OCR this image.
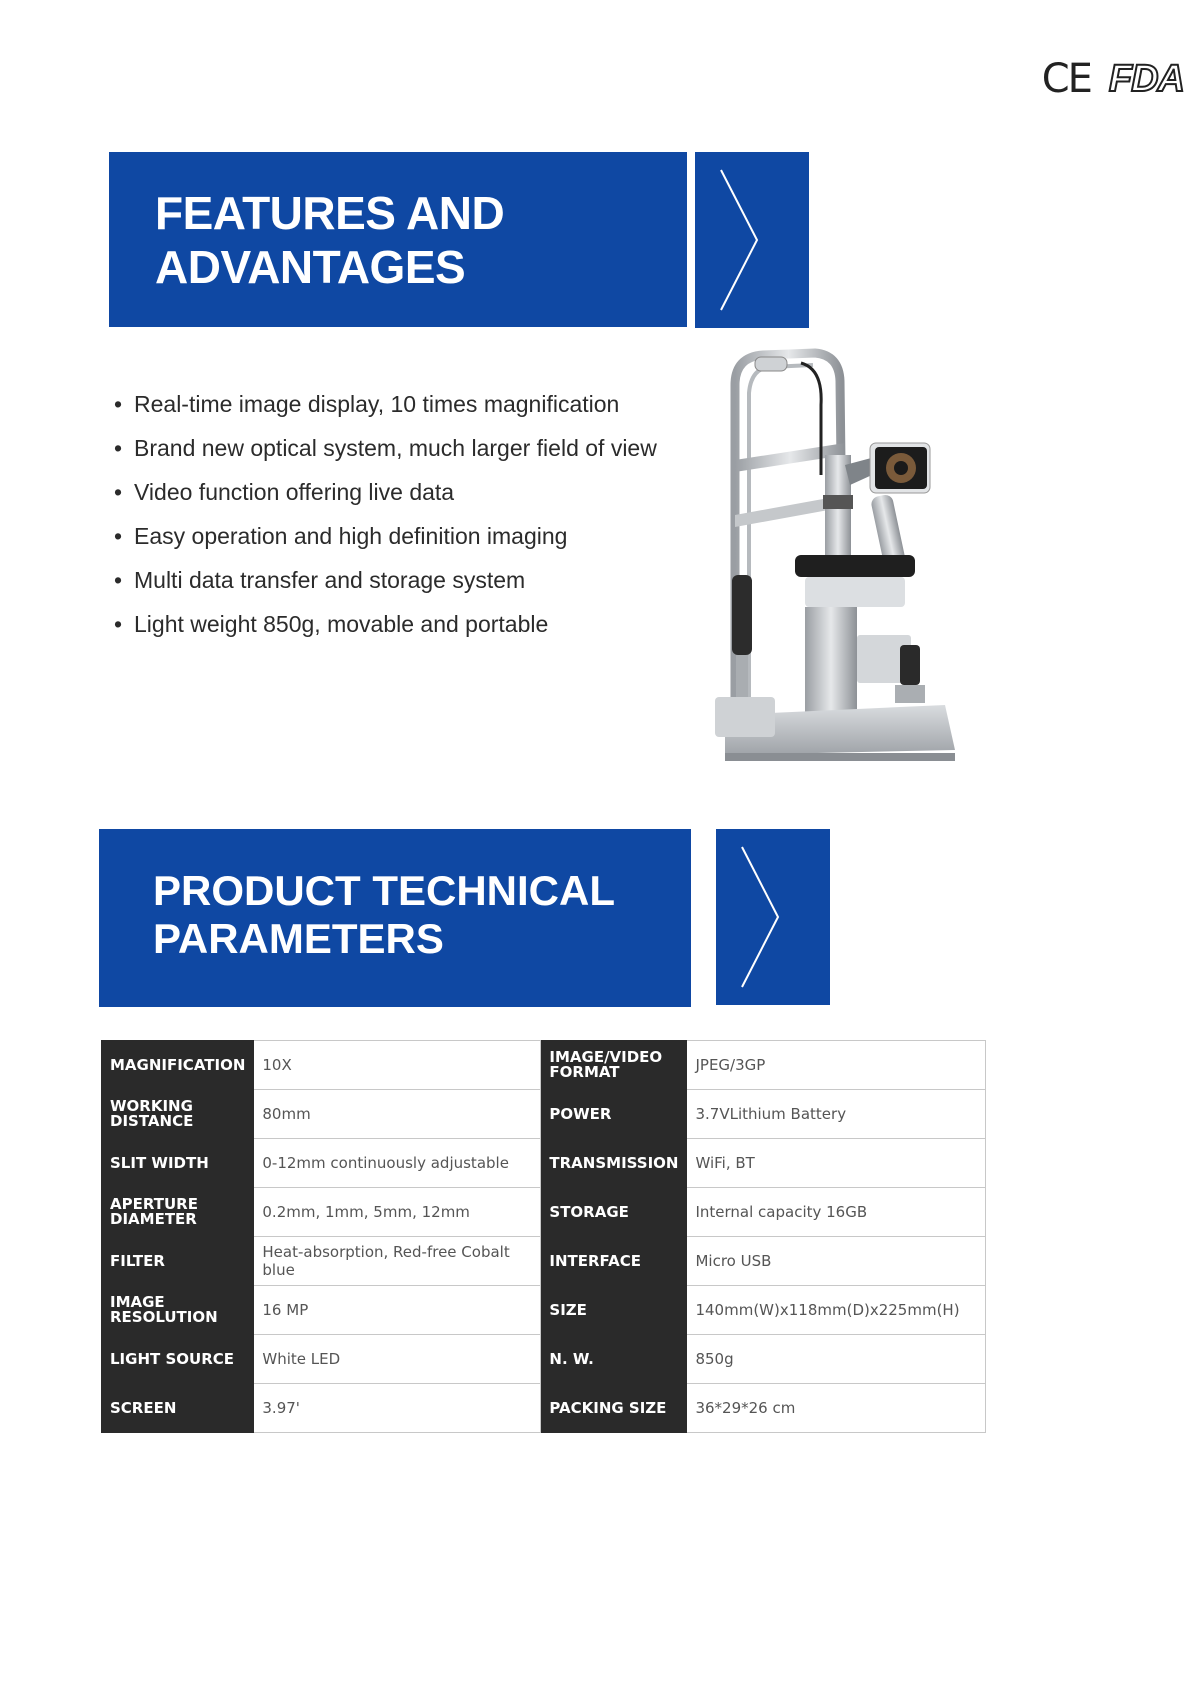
CE FDA
FEATURES AND
ADVANTAGES
• Real-time image display, 10 times magnification
• Brand new optical system, much larger field of view
• Video function offering live data
• Easy operation and high definition imaging
• Multi data transfer and storage system
• Light weight 850g, movable and portable
PRODUCT TECHNICAL
PARAMETERS
MAGNIFICATION	10X	IMAGE/VIDEO FORMAT	JPEG/3GP
WORKING DISTANCE	80mm	POWER	3.7VLithium Battery
SLIT WIDTH	0-12mm continuously adjustable	TRANSMISSION	WiFi, BT
APERTURE DIAMETER	0.2mm, 1mm, 5mm, 12mm	STORAGE	Internal capacity 16GB
FILTER	Heat-absorption, Red-free Cobalt blue	INTERFACE	Micro USB
IMAGE RESOLUTION	16 MP	SIZE	140mm(W)x118mm(D)x225mm(H)
LIGHT SOURCE	White LED	N. W.	850g
SCREEN	3.97'	PACKING SIZE	36*29*26 cm
